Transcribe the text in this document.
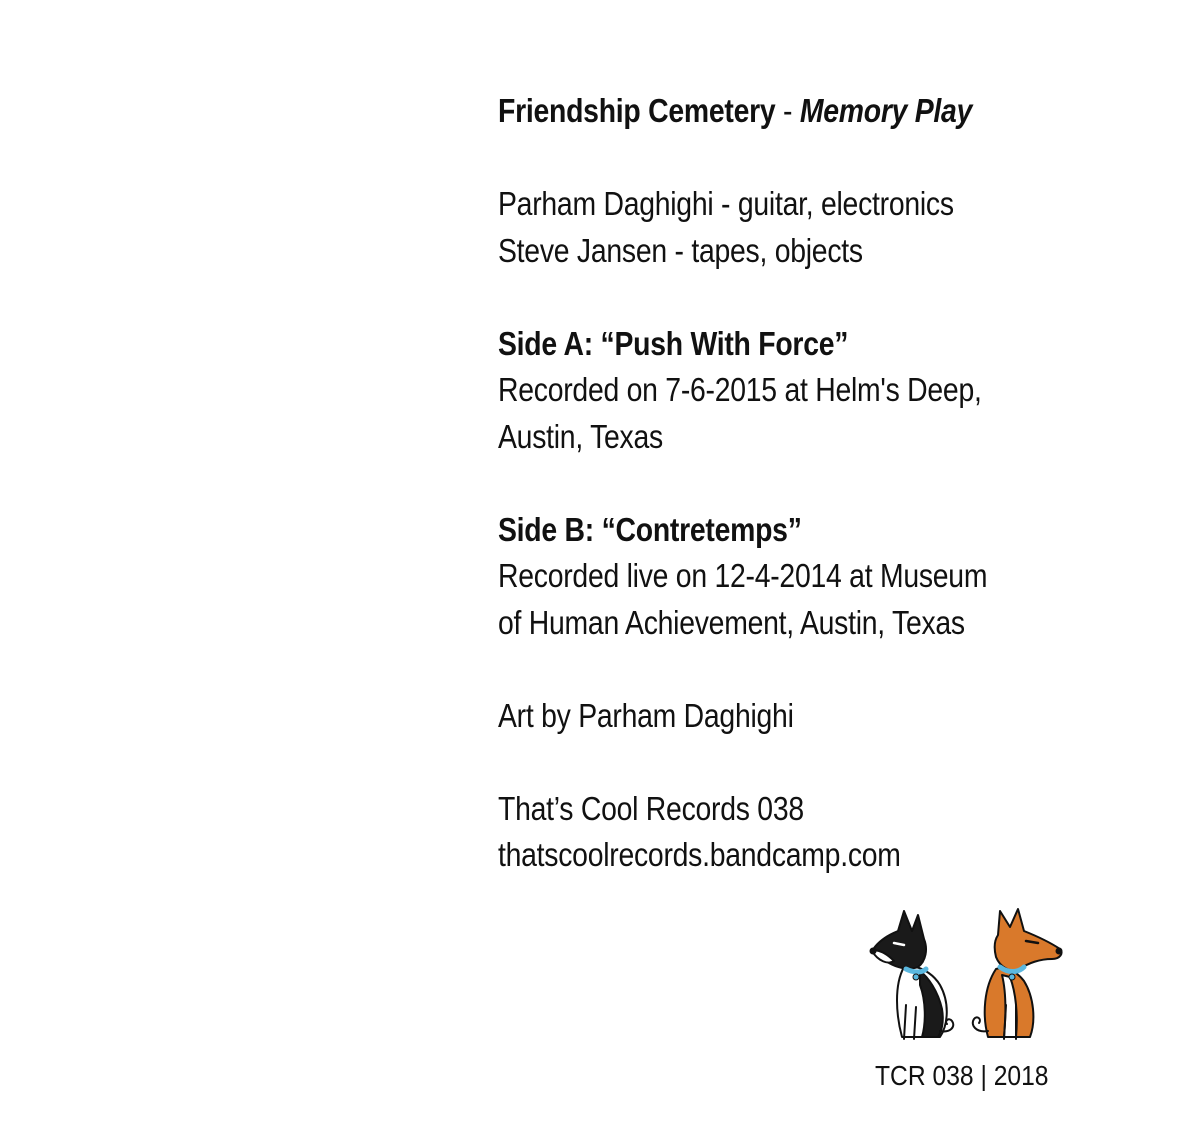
Friendship Cemetery - Memory Play
Parham Daghighi - guitar, electronics
Steve Jansen - tapes, objects
Side A: “Push With Force”
Recorded on 7-6-2015 at Helm's Deep,
Austin, Texas
Side B: “Contretemps”
Recorded live on 12-4-2014 at Museum
of Human Achievement, Austin, Texas
Art by Parham Daghighi
That’s Cool Records 038
thatscoolrecords.bandcamp.com
TCR 038 | 2018
